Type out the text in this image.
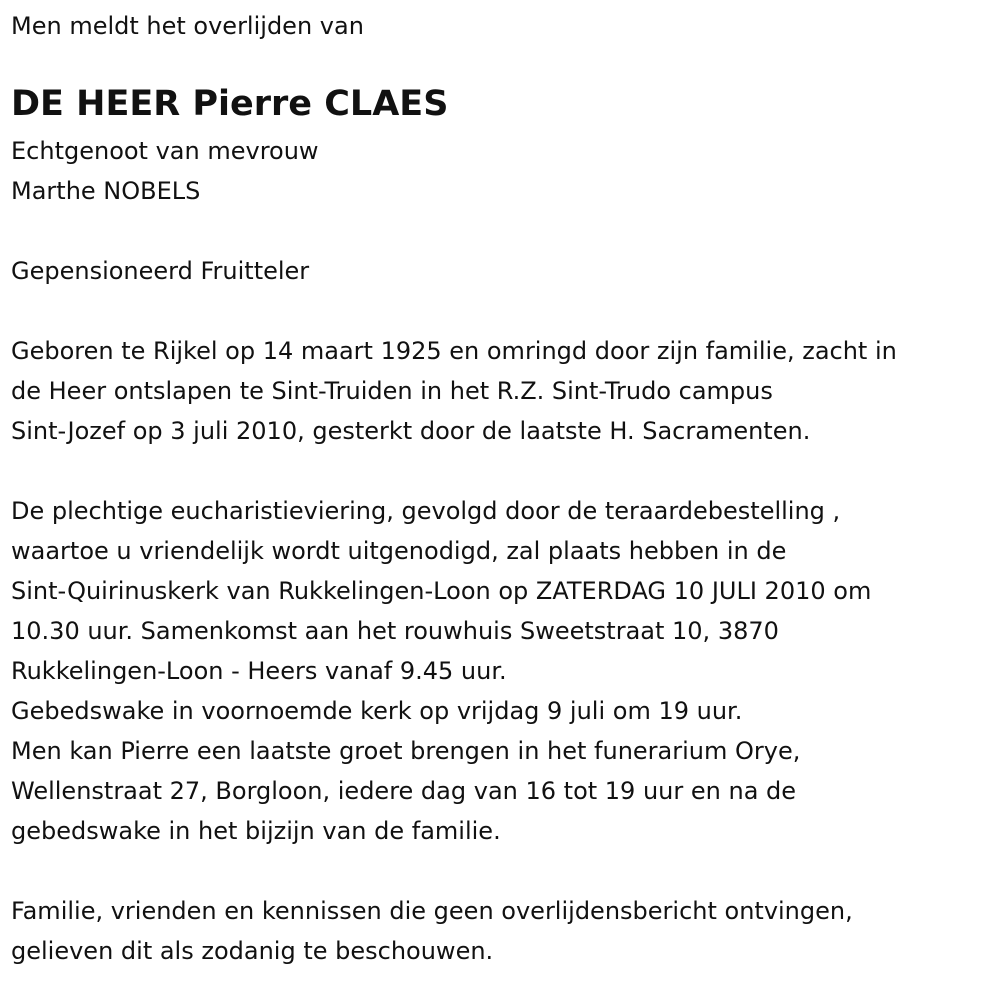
Men meldt het overlijden van
DE HEER Pierre CLAES
Echtgenoot van mevrouw
Marthe NOBELS
Gepensioneerd Fruitteler
Geboren te Rijkel op 14 maart 1925 en omringd door zijn familie, zacht in
de Heer ontslapen te Sint-Truiden in het R.Z. Sint-Trudo campus
Sint-Jozef op 3 juli 2010, gesterkt door de laatste H. Sacramenten.
De plechtige eucharistieviering, gevolgd door de teraardebestelling ,
waartoe u vriendelijk wordt uitgenodigd, zal plaats hebben in de
Sint-Quirinuskerk van Rukkelingen-Loon op ZATERDAG 10 JULI 2010 om
10.30 uur. Samenkomst aan het rouwhuis Sweetstraat 10, 3870
Rukkelingen-Loon - Heers vanaf 9.45 uur.
Gebedswake in voornoemde kerk op vrijdag 9 juli om 19 uur.
Men kan Pierre een laatste groet brengen in het funerarium Orye,
Wellenstraat 27, Borgloon, iedere dag van 16 tot 19 uur en na de
gebedswake in het bijzijn van de familie.
Familie, vrienden en kennissen die geen overlijdensbericht ontvingen,
gelieven dit als zodanig te beschouwen.
